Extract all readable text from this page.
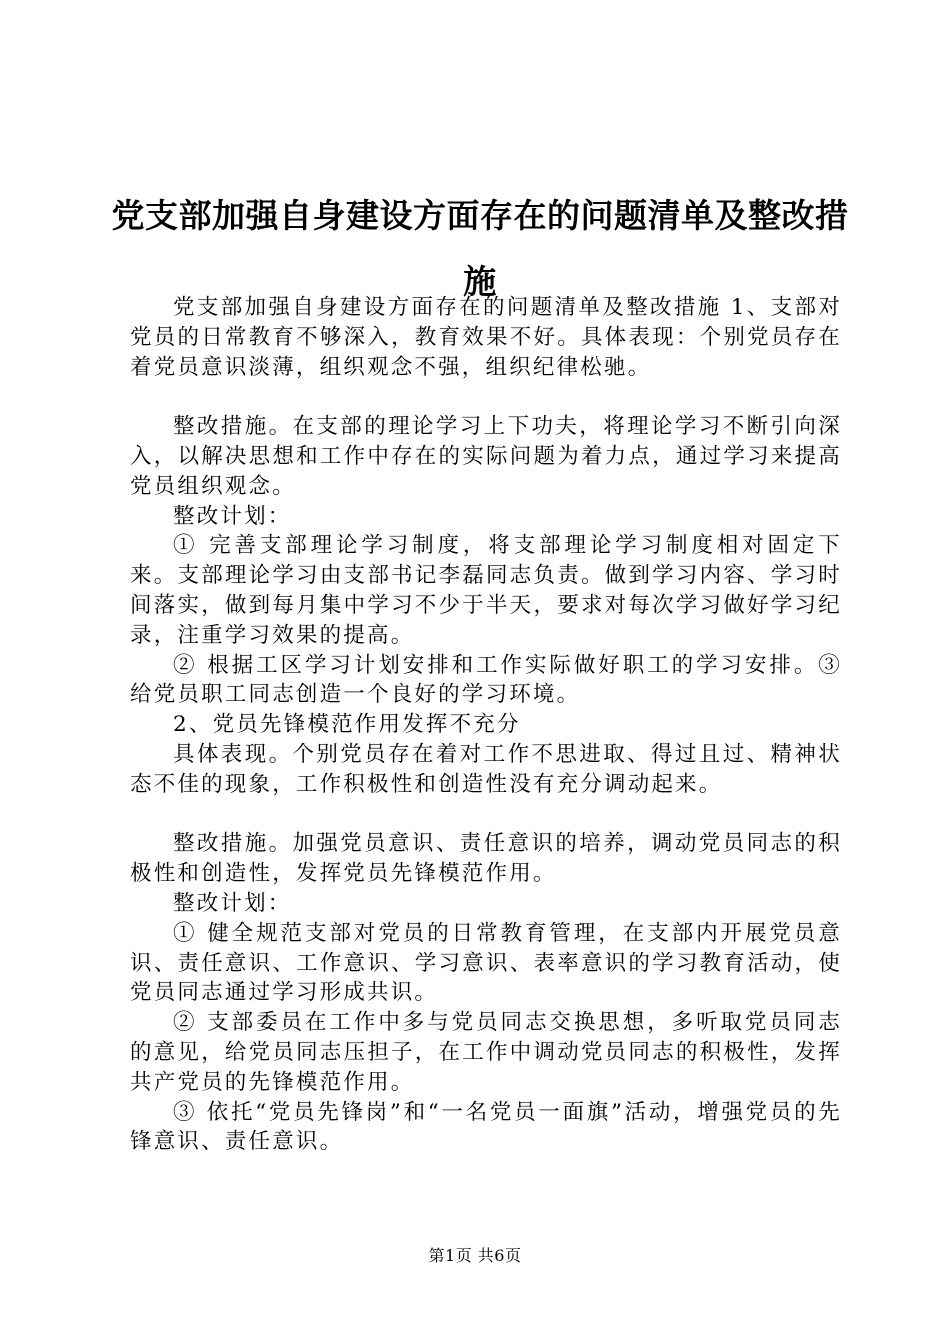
党支部加强自身建设方面存在的问题清单及整改措施

党支部加强自身建设方面存在的问题清单及整改措施 1、支部对党员的日常教育不够深入，教育效果不好。具体表现：个别党员存在着党员意识淡薄，组织观念不强，组织纪律松驰。

整改措施。在支部的理论学习上下功夫，将理论学习不断引向深入，以解决思想和工作中存在的实际问题为着力点，通过学习来提高党员组织观念。

整改计划：

① 完善支部理论学习制度，将支部理论学习制度相对固定下来。支部理论学习由支部书记李磊同志负责。做到学习内容、学习时间落实，做到每月集中学习不少于半天，要求对每次学习做好学习纪录，注重学习效果的提高。

② 根据工区学习计划安排和工作实际做好职工的学习安排。③给党员职工同志创造一个良好的学习环境。

2、党员先锋模范作用发挥不充分

具体表现。个别党员存在着对工作不思进取、得过且过、精神状态不佳的现象，工作积极性和创造性没有充分调动起来。

整改措施。加强党员意识、责任意识的培养，调动党员同志的积极性和创造性，发挥党员先锋模范作用。

整改计划：

① 健全规范支部对党员的日常教育管理，在支部内开展党员意识、责任意识、工作意识、学习意识、表率意识的学习教育活动，使党员同志通过学习形成共识。

② 支部委员在工作中多与党员同志交换思想，多听取党员同志的意见，给党员同志压担子，在工作中调动党员同志的积极性，发挥共产党员的先锋模范作用。

③ 依托“党员先锋岗”和“一名党员一面旗”活动，增强党员的先锋意识、责任意识。

第1页 共6页
